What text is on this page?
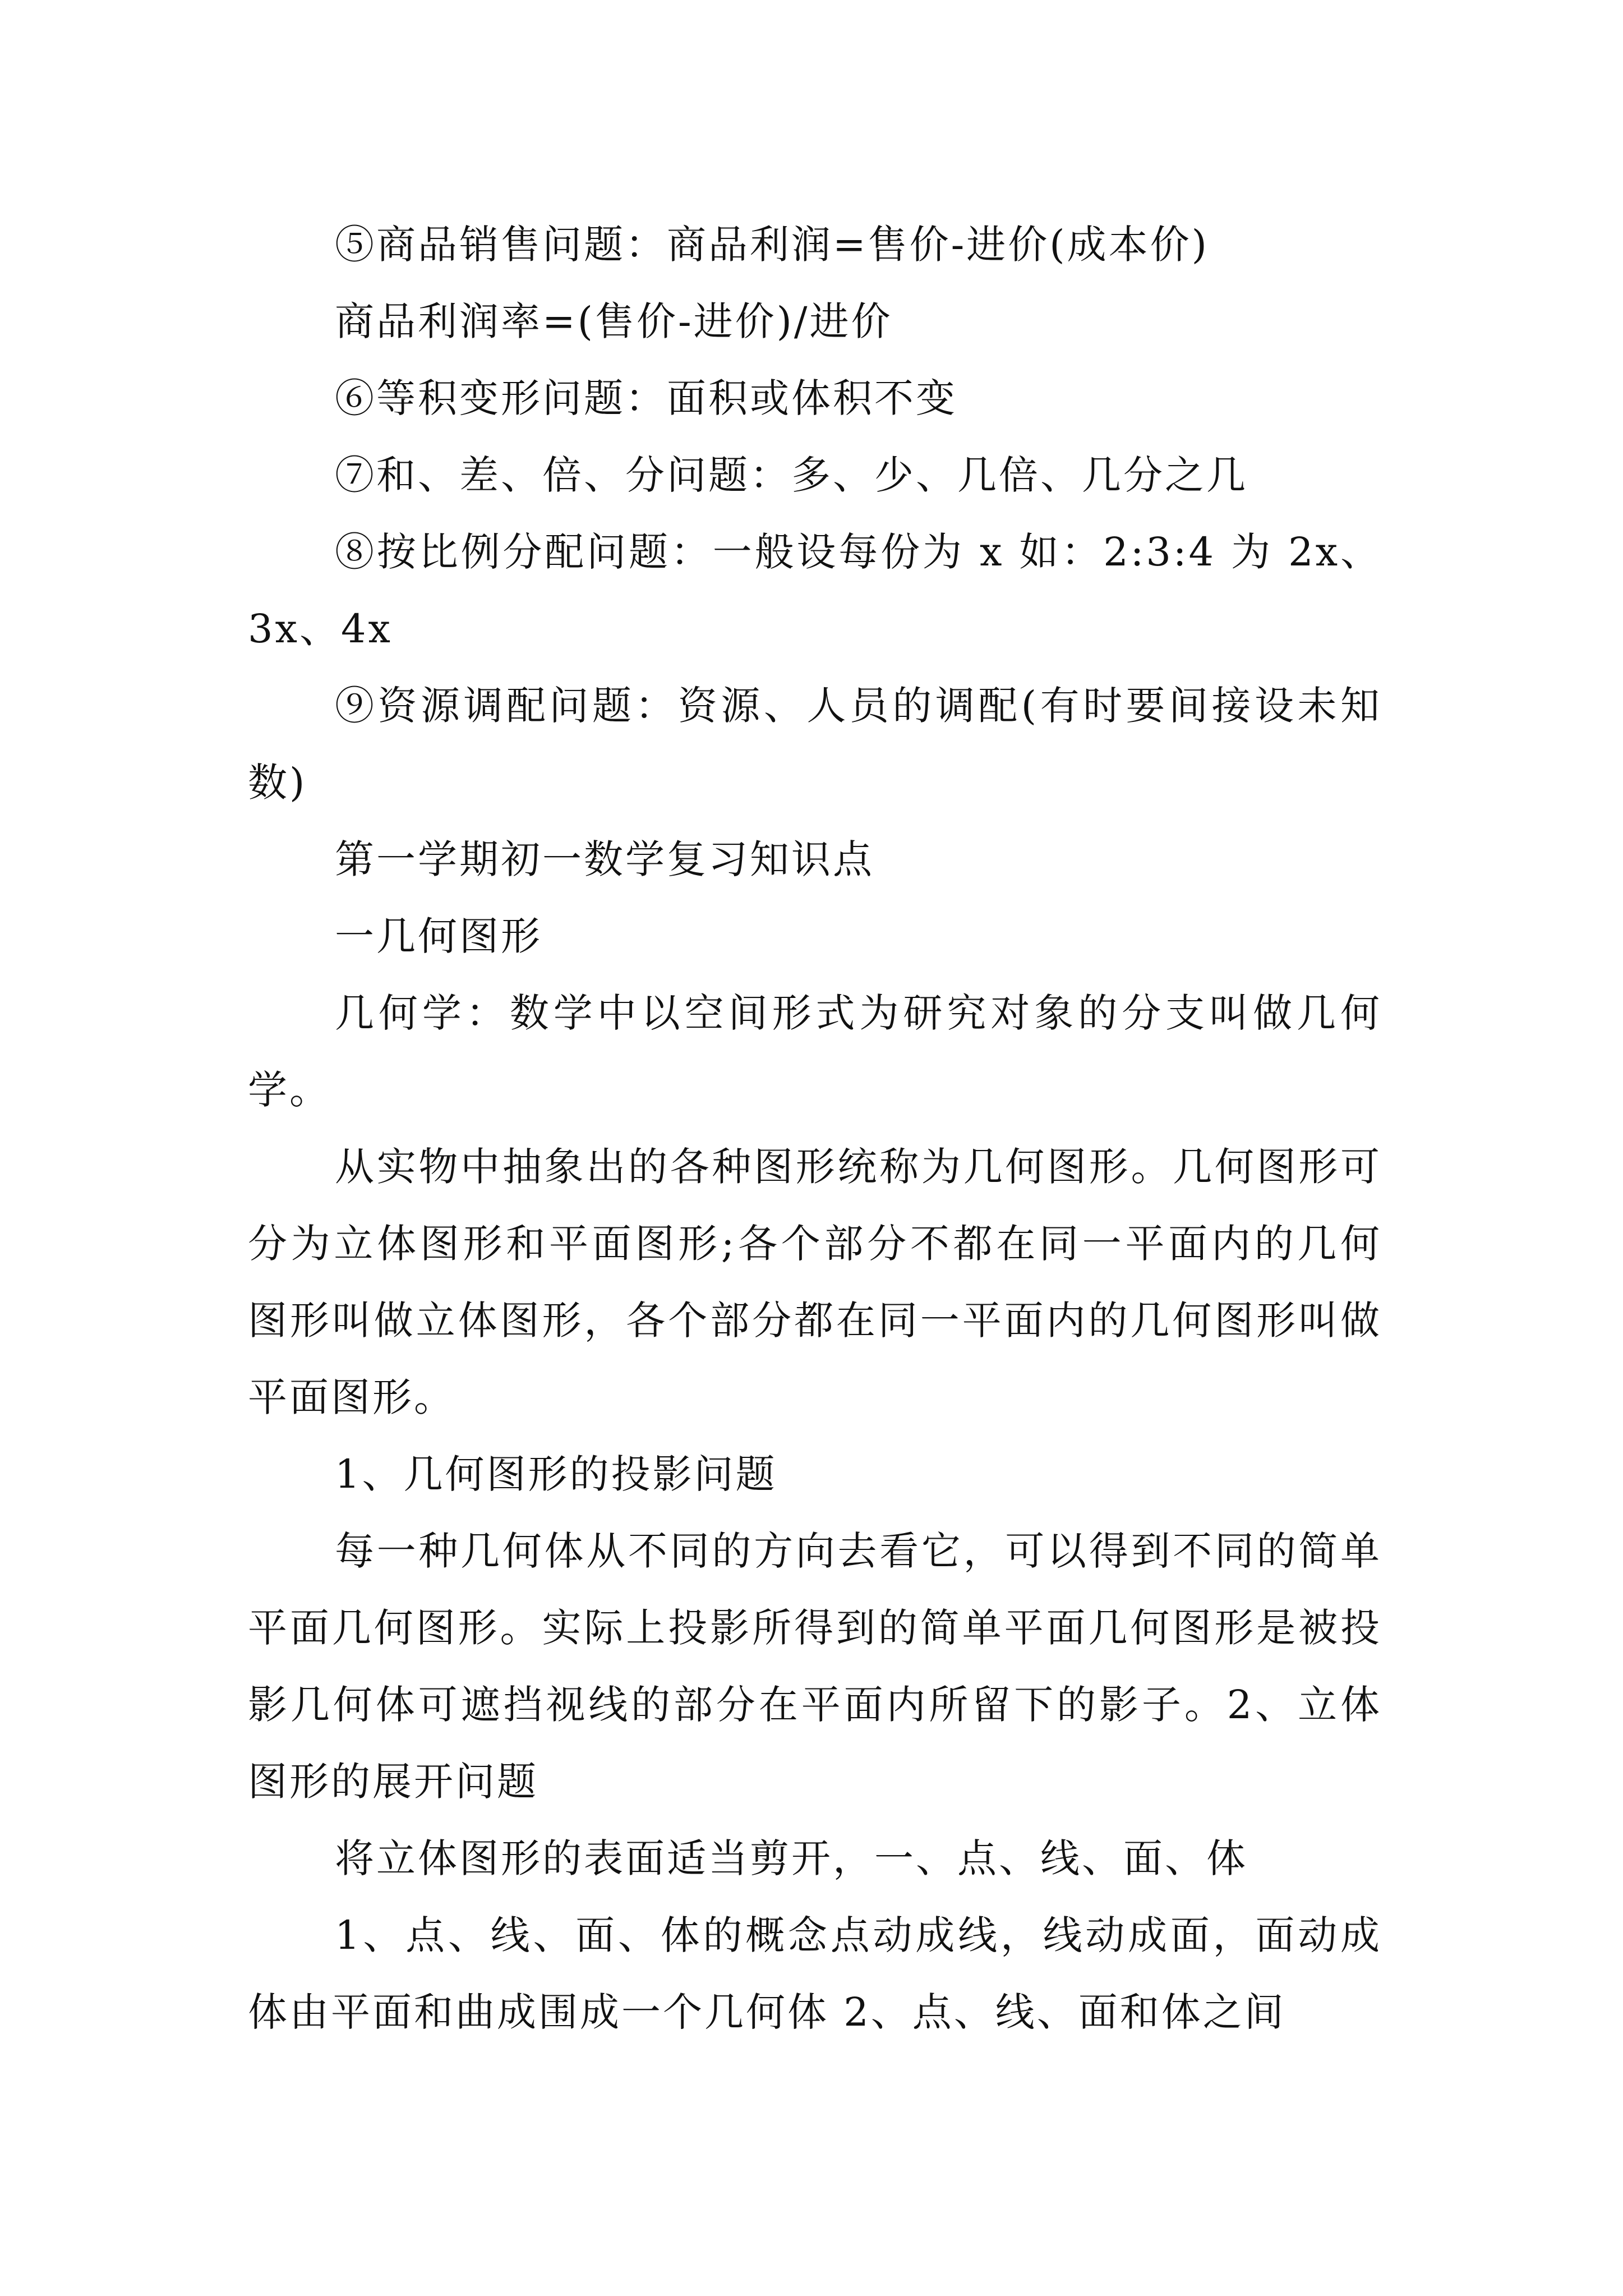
⑤商品销售问题：商品利润=售价-进价(成本价)

商品利润率=(售价-进价)/进价

⑥等积变形问题：面积或体积不变

⑦和、差、倍、分问题：多、少、几倍、几分之几

⑧按比例分配问题：一般设每份为 x 如：2:3:4 为 2x、3x、4x

⑨资源调配问题：资源、人员的调配(有时要间接设未知数)

第一学期初一数学复习知识点

一几何图形

几何学：数学中以空间形式为研究对象的分支叫做几何学。

从实物中抽象出的各种图形统称为几何图形。几何图形可分为立体图形和平面图形;各个部分不都在同一平面内的几何图形叫做立体图形，各个部分都在同一平面内的几何图形叫做平面图形。

1、几何图形的投影问题

每一种几何体从不同的方向去看它，可以得到不同的简单平面几何图形。实际上投影所得到的简单平面几何图形是被投影几何体可遮挡视线的部分在平面内所留下的影子。2、立体图形的展开问题

将立体图形的表面适当剪开，一、点、线、面、体

1、点、线、面、体的概念点动成线，线动成面，面动成体由平面和曲成围成一个几何体 2、点、线、面和体之间
